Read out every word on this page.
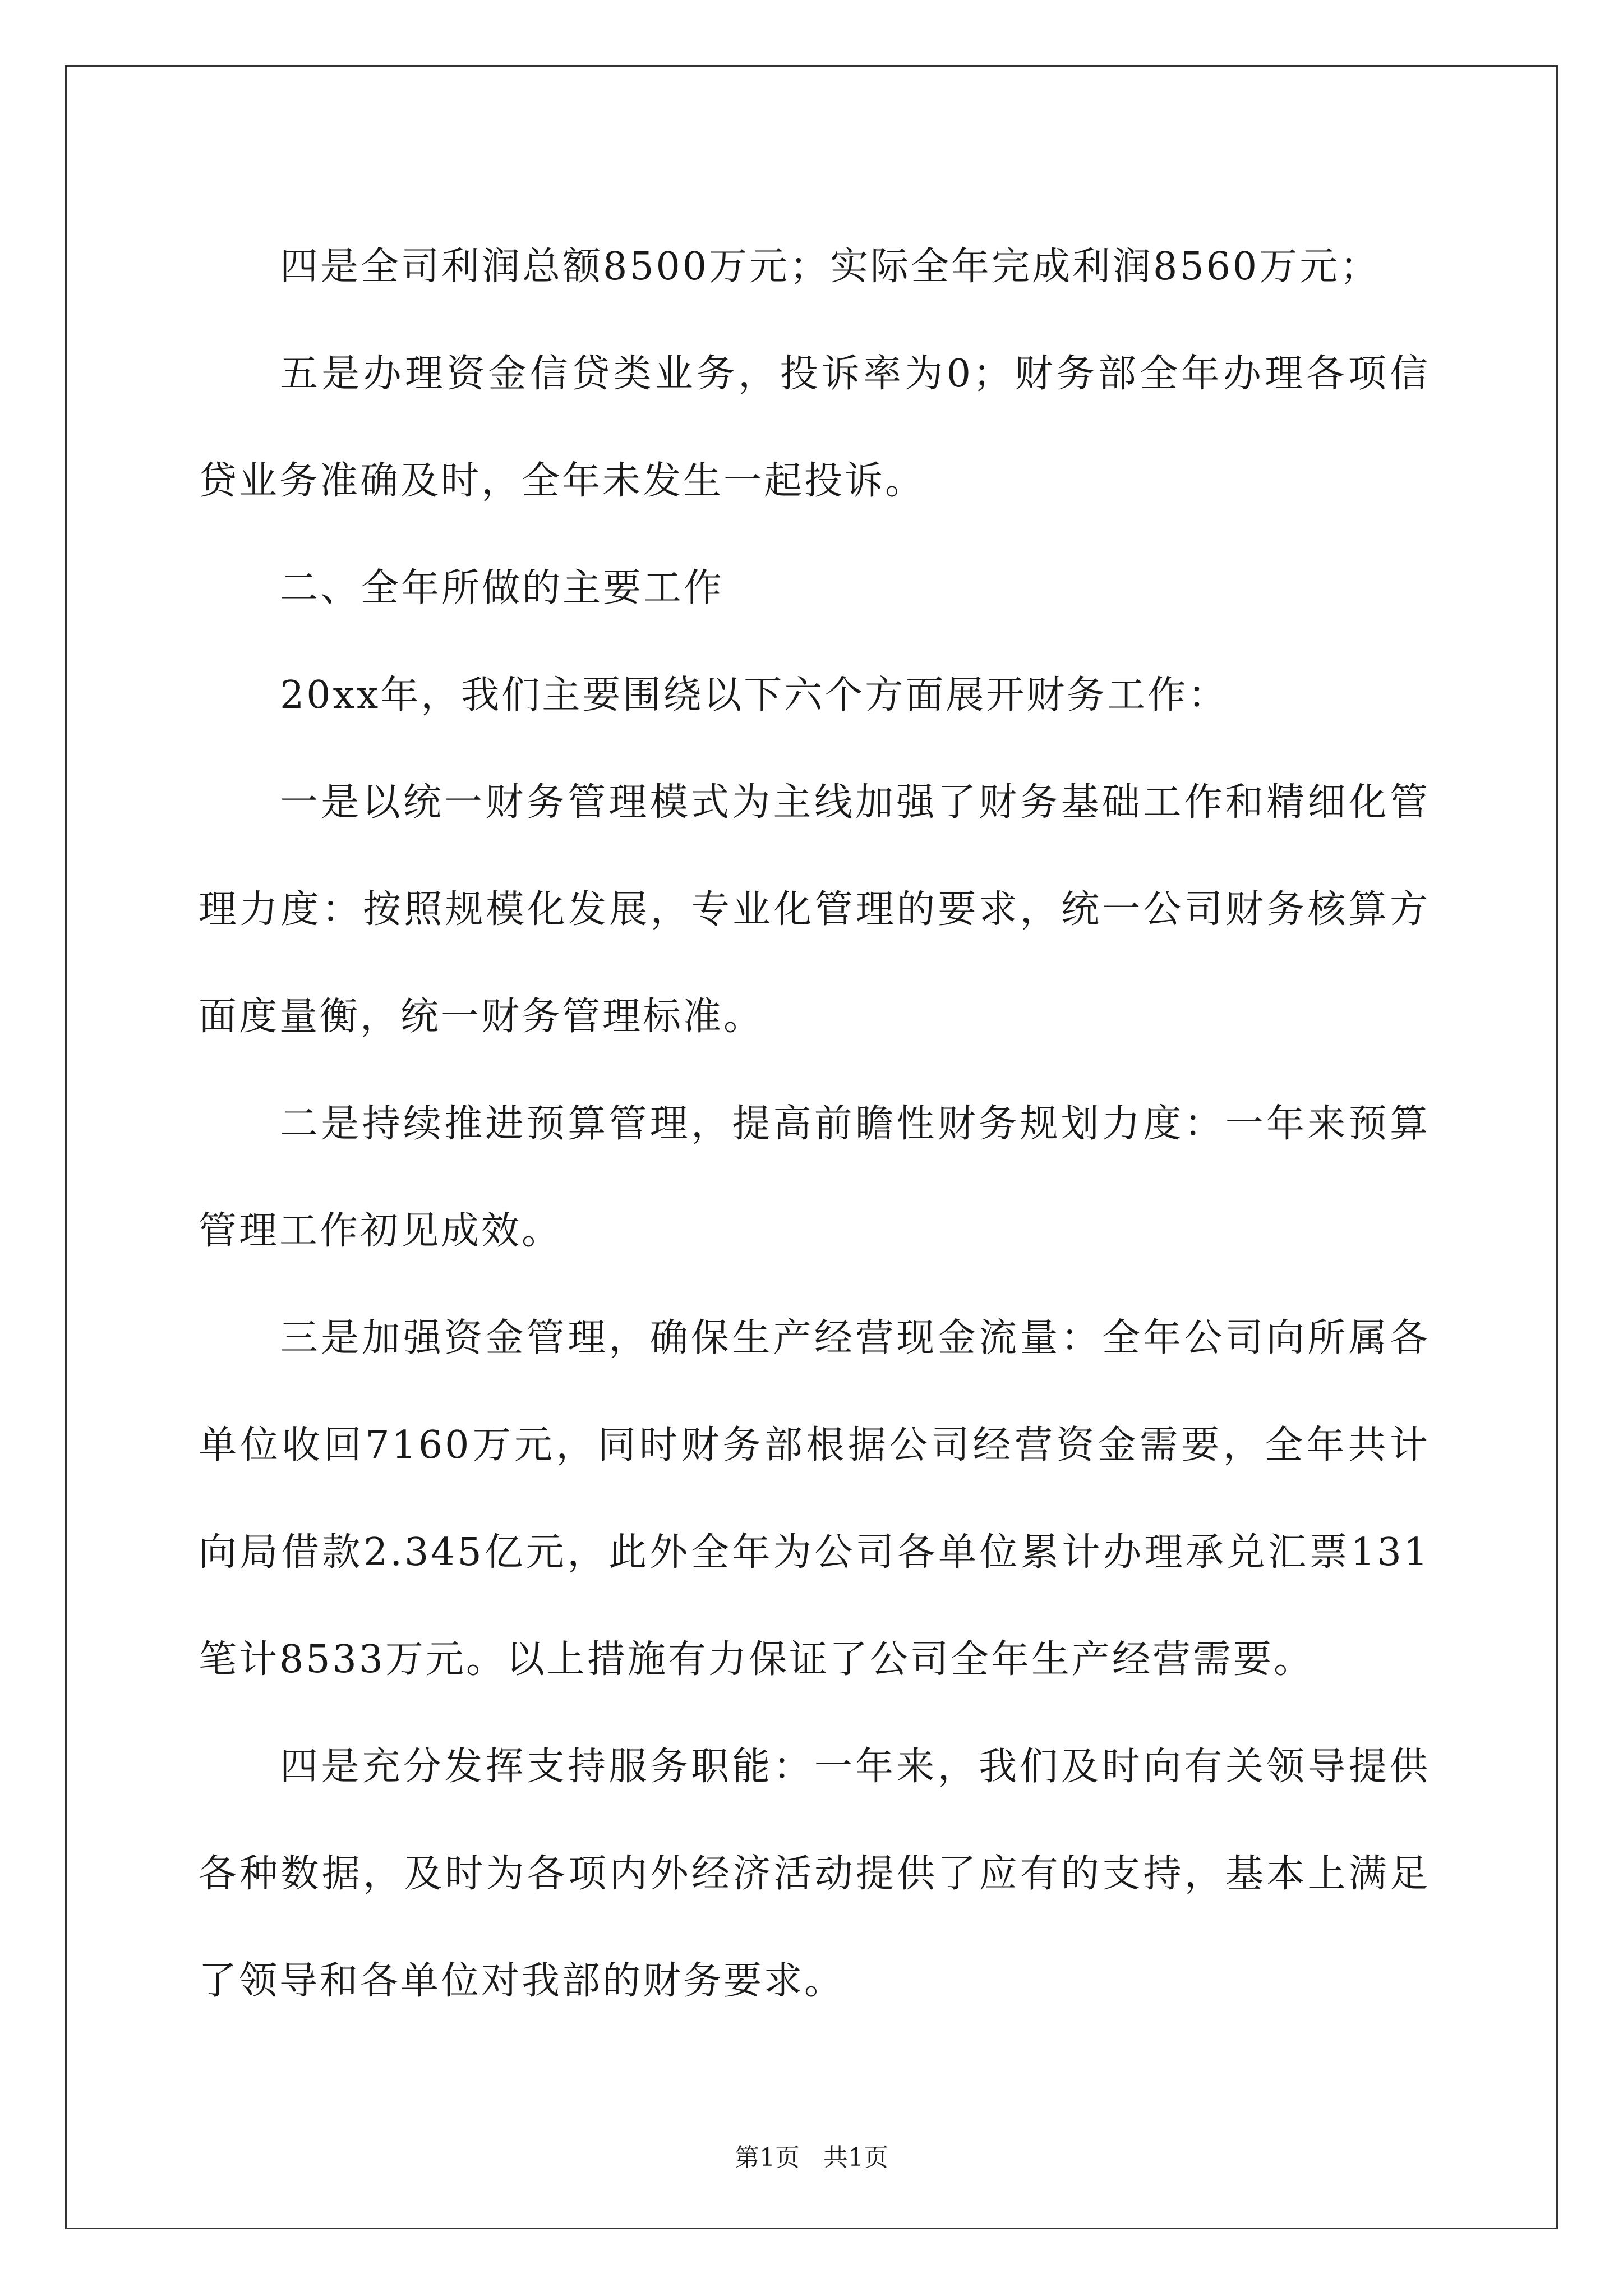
四是全司利润总额8500万元；实际全年完成利润8560万元；

五是办理资金信贷类业务，投诉率为0；财务部全年办理各项信贷业务准确及时，全年未发生一起投诉。

二、全年所做的主要工作

20xx年，我们主要围绕以下六个方面展开财务工作：

一是以统一财务管理模式为主线加强了财务基础工作和精细化管理力度：按照规模化发展，专业化管理的要求，统一公司财务核算方面度量衡，统一财务管理标准。

二是持续推进预算管理，提高前瞻性财务规划力度：一年来预算管理工作初见成效。

三是加强资金管理，确保生产经营现金流量：全年公司向所属各单位收回7160万元，同时财务部根据公司经营资金需要，全年共计向局借款2.345亿元，此外全年为公司各单位累计办理承兑汇票131笔计8533万元。以上措施有力保证了公司全年生产经营需要。

四是充分发挥支持服务职能：一年来，我们及时向有关领导提供各种数据，及时为各项内外经济活动提供了应有的支持，基本上满足了领导和各单位对我部的财务要求。

第1页 共1页
